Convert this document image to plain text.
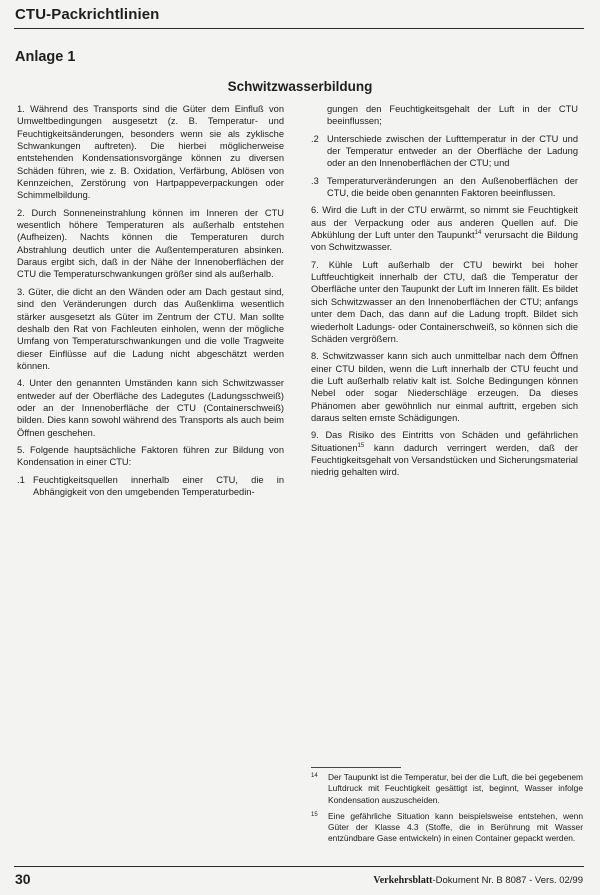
CTU-Packrichtlinien
Anlage 1
Schwitzwasserbildung

1. Während des Transports sind die Güter dem Einfluß von Umweltbedingungen ausgesetzt (z. B. Temperatur- und Feuchtigkeitsänderungen, besonders wenn sie als zyklische Schwankungen auftreten). Die hierbei möglicherweise entstehenden Kondensationsvorgänge können zu diversen Schäden führen, wie z. B. Oxidation, Verfärbung, Ablösen von Kennzeichen, Zerstörung von Hartpappeverpackungen oder Schimmelbildung.

2. Durch Sonneneinstrahlung können im Inneren der CTU wesentlich höhere Temperaturen als außerhalb entstehen (Aufheizen). Nachts können die Temperaturen durch Abstrahlung deutlich unter die Außentemperaturen absinken. Daraus ergibt sich, daß in der Nähe der Innenoberflächen der CTU die Temperaturschwankungen größer sind als außerhalb.

3. Güter, die dicht an den Wänden oder am Dach gestaut sind, sind den Veränderungen durch das Außenklima wesentlich stärker ausgesetzt als Güter im Zentrum der CTU. Man sollte deshalb den Rat von Fachleuten einholen, wenn der mögliche Umfang von Temperaturschwankungen und die volle Tragweite dieser Einflüsse auf die Ladung nicht abgeschätzt werden können.

4. Unter den genannten Umständen kann sich Schwitzwasser entweder auf der Oberfläche des Ladegutes (Ladungsschweiß) oder an der Innenoberfläche der CTU (Containerschweiß) bilden. Dies kann sowohl während des Transports als auch beim Öffnen geschehen.

5. Folgende hauptsächliche Faktoren führen zur Bildung von Kondensation in einer CTU:

.1 Feuchtigkeitsquellen innerhalb einer CTU, die in Abhängigkeit von den umgebenden Temperaturbedin-

gungen den Feuchtigkeitsgehalt der Luft in der CTU beeinflussen;

.2 Unterschiede zwischen der Lufttemperatur in der CTU und der Temperatur entweder an der Oberfläche der Ladung oder an den Innenoberflächen der CTU; und
.3 Temperaturveränderungen an den Außenoberflächen der CTU, die beide oben genannten Faktoren beeinflussen.

6. Wird die Luft in der CTU erwärmt, so nimmt sie Feuchtigkeit aus der Verpackung oder aus anderen Quellen auf. Die Abkühlung der Luft unter den Taupunkt$^{14}$ verursacht die Bildung von Schwitzwasser.

7. Kühle Luft außerhalb der CTU bewirkt bei hoher Luftfeuchtigkeit innerhalb der CTU, daß die Temperatur der Oberfläche unter den Taupunkt der Luft im Inneren fällt. Es bildet sich Schwitzwasser an den Innenoberflächen der CTU; anfangs unter dem Dach, das dann auf die Ladung tropft. Bildet sich wiederholt Ladungs- oder Containerschweiß, so können sich die Schäden vergrößern.

8. Schwitzwasser kann sich auch unmittelbar nach dem Öffnen einer CTU bilden, wenn die Luft innerhalb der CTU feucht und die Luft außerhalb relativ kalt ist. Solche Bedingungen können Nebel oder sogar Niederschläge erzeugen. Da dieses Phänomen aber gewöhnlich nur einmal auftritt, ergeben sich daraus selten ernste Schädigungen.

9. Das Risiko des Eintritts von Schäden und gefährlichen Situationen$^{15}$ kann dadurch verringert werden, daß der Feuchtigkeitsgehalt von Versandstücken und Sicherungsmaterial niedrig gehalten wird.

14 Der Taupunkt ist die Temperatur, bei der die Luft, die bei gegebenem Luftdruck mit Feuchtigkeit gesättigt ist, beginnt, Wasser infolge Kondensation auszuscheiden.
15 Eine gefährliche Situation kann beispielsweise entstehen, wenn Güter der Klasse 4.3 (Stoffe, die in Berührung mit Wasser entzündbare Gase entwickeln) in einen Container gepackt werden.
30	Verkehrsblatt-Dokument Nr. B 8087 - Vers. 02/99
